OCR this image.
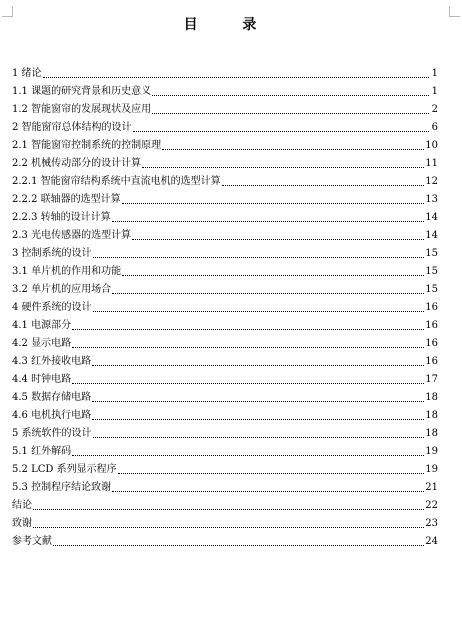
目 录
1 绪论	1
1.1 课题的研究背景和历史意义	1
1.2 智能窗帘的发展现状及应用	2
2 智能窗帘总体结构的设计	6
2.1 智能窗帘控制系统的控制原理	10
2.2 机械传动部分的设计计算	11
2.2.1 智能窗帘结构系统中直流电机的选型计算	12
2.2.2 联轴器的选型计算	13
2.2.3 转轴的设计计算	14
2.3 光电传感器的选型计算	14
3 控制系统的设计	15
3.1 单片机的作用和功能	15
3.2 单片机的应用场合	15
4 硬件系统的设计	16
4.1 电源部分	16
4.2 显示电路	16
4.3 红外接收电路	16
4.4 时钟电路	17
4.5 数据存储电路	18
4.6 电机执行电路	18
5 系统软件的设计	18
5.1 红外解码	19
5.2 LCD 系列显示程序	19
5.3 控制程序结论致谢	21
结论	22
致谢	23
参考文献	24
